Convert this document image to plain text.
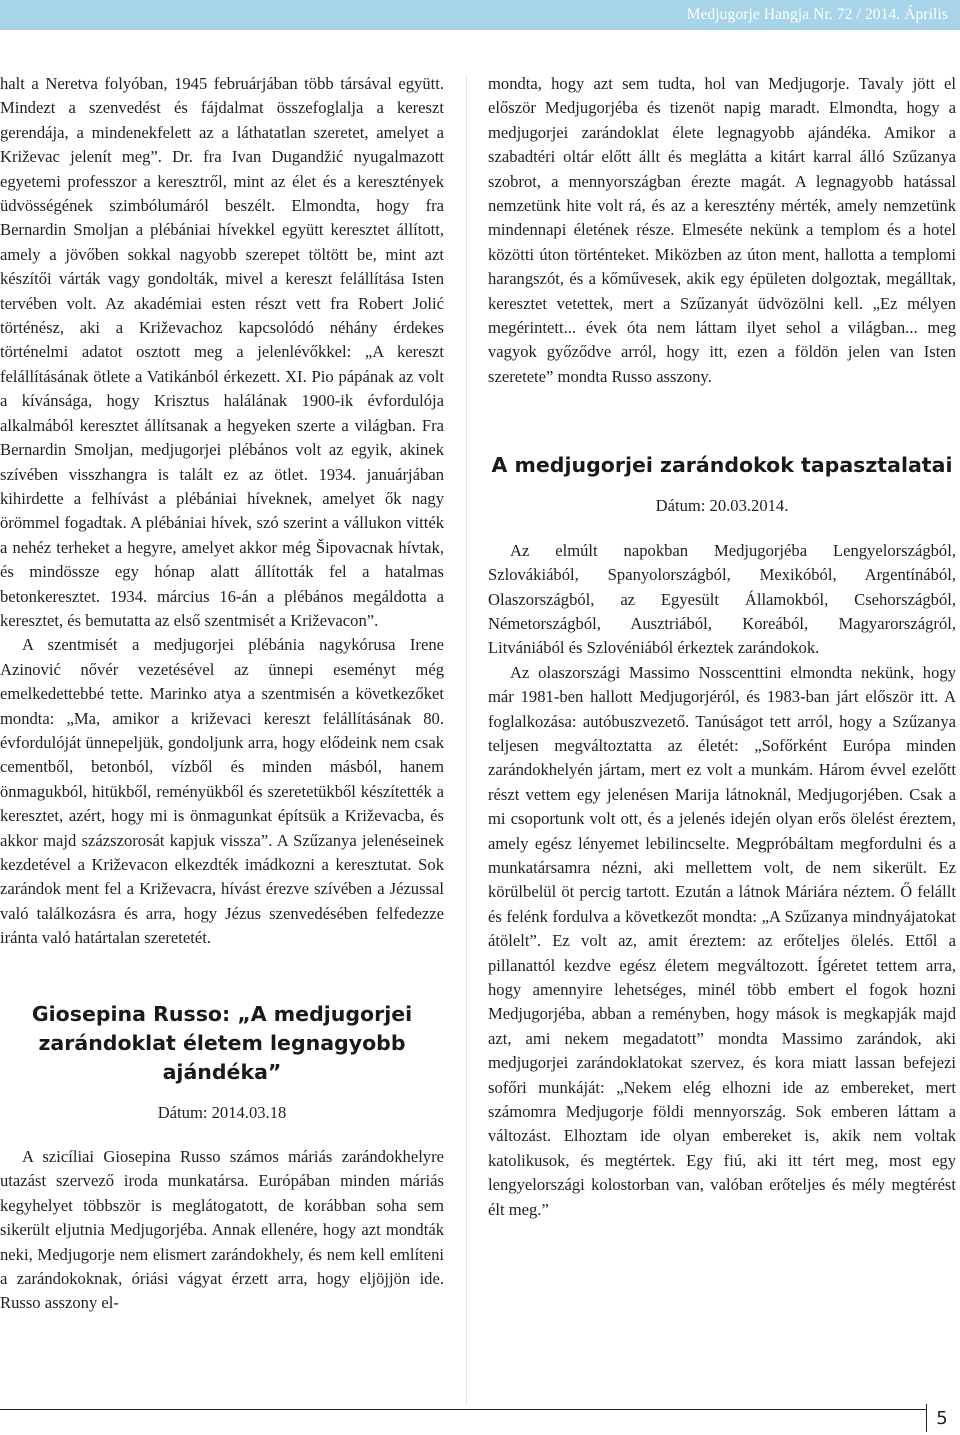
Medjugorje Hangja Nr. 72 / 2014. Április

halt a Neretva folyóban, 1945 februárjában több társával együtt. Mindezt a szenvedést és fájdalmat összefoglalja a kereszt gerendája, a mindenekfelett az a láthatatlan szeretet, amelyet a Križevac jelenít meg”. Dr. fra Ivan Dugandžić nyugalmazott egyetemi professzor a keresztről, mint az élet és a keresztények üdvösségének szimbólumáról beszélt. Elmondta, hogy fra Bernardin Smoljan a plébániai hívekkel együtt keresztet állított, amely a jövőben sokkal nagyobb szerepet töltött be, mint azt készítői várták vagy gondolták, mivel a kereszt felállítása Isten tervében volt. Az akadémiai esten részt vett fra Robert Jolić történész, aki a Križevachoz kapcsolódó néhány érdekes történelmi adatot osztott meg a jelenlévőkkel: „A kereszt felállításának ötlete a Vatikánból érkezett. XI. Pio pápának az volt a kívánsága, hogy Krisztus halálának 1900-ik évfordulója alkalmából keresztet állítsanak a hegyeken szerte a világban. Fra Bernardin Smoljan, medjugorjei plébános volt az egyik, akinek szívében visszhangra is talált ez az ötlet. 1934. januárjában kihirdette a felhívást a plébániai híveknek, amelyet ők nagy örömmel fogadtak. A plébániai hívek, szó szerint a vállukon vitték a nehéz terheket a hegyre, amelyet akkor még Šipovacnak hívtak, és mindössze egy hónap alatt állították fel a hatalmas betonkeresztet. 1934. március 16-án a plébános megáldotta a keresztet, és bemutatta az első szentmisét a Križevacon”.

A szentmisét a medjugorjei plébánia nagykórusa Irene Azinović nővér vezetésével az ünnepi eseményt még emelkedettebbé tette. Marinko atya a szentmisén a következőket mondta: „Ma, amikor a križevaci kereszt felállításának 80. évfordulóját ünnepeljük, gondoljunk arra, hogy elődeink nem csak cementből, betonból, vízből és minden másból, hanem önmagukból, hitükből, reményükből és szeretetükből készítették a keresztet, azért, hogy mi is önmagunkat építsük a Križevacba, és akkor majd százszorosát kapjuk vissza”. A Szűzanya jelenéseinek kezdetével a Križevacon elkezdték imádkozni a keresztutat. Sok zarándok ment fel a Križevacra, hívást érezve szívében a Jézussal való találkozásra és arra, hogy Jézus szenvedésében felfedezze iránta való határtalan szeretetét.

Giosepina Russo: „A medjugorjei zarándoklat életem legnagyobb ajándéka”
Dátum: 2014.03.18

A szicíliai Giosepina Russo számos máriás zarándokhelyre utazást szervező iroda munkatársa. Európában minden máriás kegyhelyet többször is meglátogatott, de korábban soha sem sikerült eljutnia Medjugorjéba. Annak ellenére, hogy azt mondták neki, Medjugorje nem elismert zarándokhely, és nem kell említeni a zarándokoknak, óriási vágyat érzett arra, hogy eljöjjön ide. Russo asszony el-

mondta, hogy azt sem tudta, hol van Medjugorje. Tavaly jött el először Medjugorjéba és tizenöt napig maradt. Elmondta, hogy a medjugorjei zarándoklat élete legnagyobb ajándéka. Amikor a szabadtéri oltár előtt állt és meglátta a kitárt karral álló Szűzanya szobrot, a mennyországban érezte magát. A legnagyobb hatással nemzetünk hite volt rá, és az a keresztény mérték, amely nemzetünk mindennapi életének része. Elmeséte nekünk a templom és a hotel közötti úton történteket. Miközben az úton ment, hallotta a templomi harangszót, és a kőművesek, akik egy épületen dolgoztak, megálltak, keresztet vetettek, mert a Szűzanyát üdvözölni kell. „Ez mélyen megérintett... évek óta nem láttam ilyet sehol a világban... meg vagyok győződve arról, hogy itt, ezen a földön jelen van Isten szeretete” mondta Russo asszony.

A medjugorjei zarándokok tapasztalatai
Dátum: 20.03.2014.

Az elmúlt napokban Medjugorjéba Lengyelországból, Szlovákiából, Spanyolországból, Mexikóból, Argentínából, Olaszországból, az Egyesült Államokból, Csehországból, Németországból, Ausztriából, Koreából, Magyarországról, Litvániából és Szlovéniából érkeztek zarándokok.

Az olaszországi Massimo Nosscenttini elmondta nekünk, hogy már 1981-ben hallott Medjugorjéról, és 1983-ban járt először itt. A foglalkozása: autóbuszvezető. Tanúságot tett arról, hogy a Szűzanya teljesen megváltoztatta az életét: „Sofőrként Európa minden zarándokhelyén jártam, mert ez volt a munkám. Három évvel ezelőtt részt vettem egy jelenésen Marija látnoknál, Medjugorjében. Csak a mi csoportunk volt ott, és a jelenés idején olyan erős ölelést éreztem, amely egész lényemet lebilincselte. Megpróbáltam megfordulni és a munkatársamra nézni, aki mellettem volt, de nem sikerült. Ez körülbelül öt percig tartott. Ezután a látnok Máriára néztem. Ő felállt és felénk fordulva a következőt mondta: „A Szűzanya mindnyájatokat átölelt”. Ez volt az, amit éreztem: az erőteljes ölelés. Ettől a pillanattól kezdve egész életem megváltozott. Ígéretet tettem arra, hogy amennyire lehetséges, minél több embert el fogok hozni Medjugorjéba, abban a reményben, hogy mások is megkapják majd azt, ami nekem megadatott” mondta Massimo zarándok, aki medjugorjei zarándoklatokat szervez, és kora miatt lassan befejezi sofőri munkáját: „Nekem elég elhozni ide az embereket, mert számomra Medjugorje földi mennyország. Sok emberen láttam a változást. Elhoztam ide olyan embereket is, akik nem voltak katolikusok, és megtértek. Egy fiú, aki itt tért meg, most egy lengyelországi kolostorban van, valóban erőteljes és mély megtérést élt meg.”

5
